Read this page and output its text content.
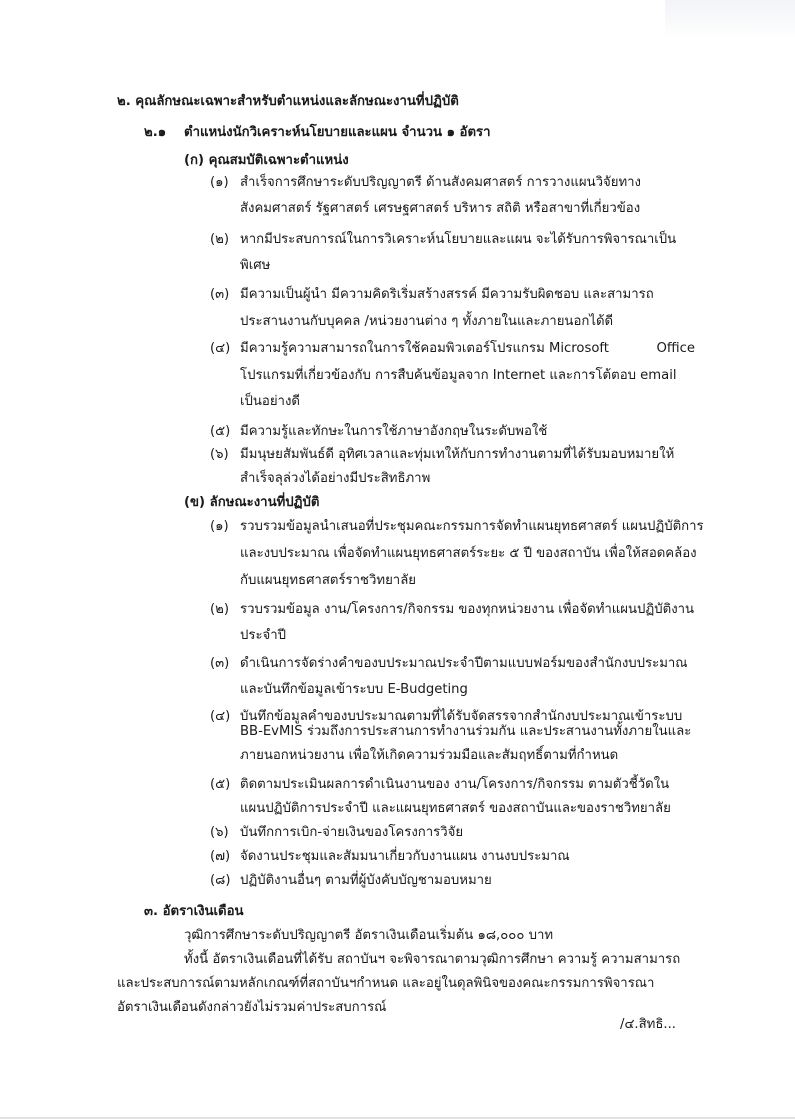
๒. คุณลักษณะเฉพาะสำหรับตำแหน่งและลักษณะงานที่ปฏิบัติ
๒.๑ ตำแหน่งนักวิเคราะห์นโยบายและแผน จำนวน ๑ อัตรา
(ก) คุณสมบัติเฉพาะตำแหน่ง
(๑) สำเร็จการศึกษาระดับปริญญาตรี ด้านสังคมศาสตร์ การวางแผนวิจัยทาง
สังคมศาสตร์ รัฐศาสตร์ เศรษฐศาสตร์ บริหาร สถิติ หรือสาขาที่เกี่ยวข้อง
(๒) หากมีประสบการณ์ในการวิเคราะห์นโยบายและแผน จะได้รับการพิจารณาเป็น
พิเศษ
(๓) มีความเป็นผู้นำ มีความคิดริเริ่มสร้างสรรค์ มีความรับผิดชอบ และสามารถ
ประสานงานกับบุคคล /หน่วยงานต่าง ๆ ทั้งภายในและภายนอกได้ดี
(๔) มีความรู้ความสามารถในการใช้คอมพิวเตอร์โปรแกรม Microsoft	Office
โปรแกรมที่เกี่ยวข้องกับ การสืบค้นข้อมูลจาก Internet และการโต้ตอบ email
เป็นอย่างดี
(๕) มีความรู้และทักษะในการใช้ภาษาอังกฤษในระดับพอใช้
(๖) มีมนุษยสัมพันธ์ดี อุทิศเวลาและทุ่มเทให้กับการทำงานตามที่ได้รับมอบหมายให้
สำเร็จลุล่วงได้อย่างมีประสิทธิภาพ
(ข) ลักษณะงานที่ปฏิบัติ
(๑) รวบรวมข้อมูลนำเสนอที่ประชุมคณะกรรมการจัดทำแผนยุทธศาสตร์ แผนปฏิบัติการ
และงบประมาณ เพื่อจัดทำแผนยุทธศาสตร์ระยะ ๕ ปี ของสถาบัน เพื่อให้สอดคล้อง
กับแผนยุทธศาสตร์ราชวิทยาลัย
(๒) รวบรวมข้อมูล งาน/โครงการ/กิจกรรม ของทุกหน่วยงาน เพื่อจัดทำแผนปฏิบัติงาน
ประจำปี
(๓) ดำเนินการจัดร่างคำของบประมาณประจำปีตามแบบฟอร์มของสำนักงบประมาณ
และบันทึกข้อมูลเข้าระบบ E-Budgeting
(๔) บันทึกข้อมูลคำของบประมาณตามที่ได้รับจัดสรรจากสำนักงบประมาณเข้าระบบ
BB-EvMIS ร่วมถึงการประสานการทำงานร่วมกัน และประสานงานทั้งภายในและ
ภายนอกหน่วยงาน เพื่อให้เกิดความร่วมมือและสัมฤทธิ์ตามที่กำหนด
(๕) ติดตามประเมินผลการดำเนินงานของ งาน/โครงการ/กิจกรรม ตามตัวชี้วัดใน
แผนปฏิบัติการประจำปี และแผนยุทธศาสตร์ ของสถาบันและของราชวิทยาลัย
(๖) บันทึกการเบิก-จ่ายเงินของโครงการวิจัย
(๗) จัดงานประชุมและสัมมนาเกี่ยวกับงานแผน งานงบประมาณ
(๘) ปฏิบัติงานอื่นๆ ตามที่ผู้บังคับบัญชามอบหมาย
๓. อัตราเงินเดือน
วุฒิการศึกษาระดับปริญญาตรี อัตราเงินเดือนเริ่มต้น ๑๘,๐๐๐ บาท
ทั้งนี้ อัตราเงินเดือนที่ได้รับ สถาบันฯ จะพิจารณาตามวุฒิการศึกษา ความรู้ ความสามารถ
และประสบการณ์ตามหลักเกณฑ์ที่สถาบันฯกำหนด และอยู่ในดุลพินิจของคณะกรรมการพิจารณา
อัตราเงินเดือนดังกล่าวยังไม่รวมค่าประสบการณ์
/๔.สิทธิ...
